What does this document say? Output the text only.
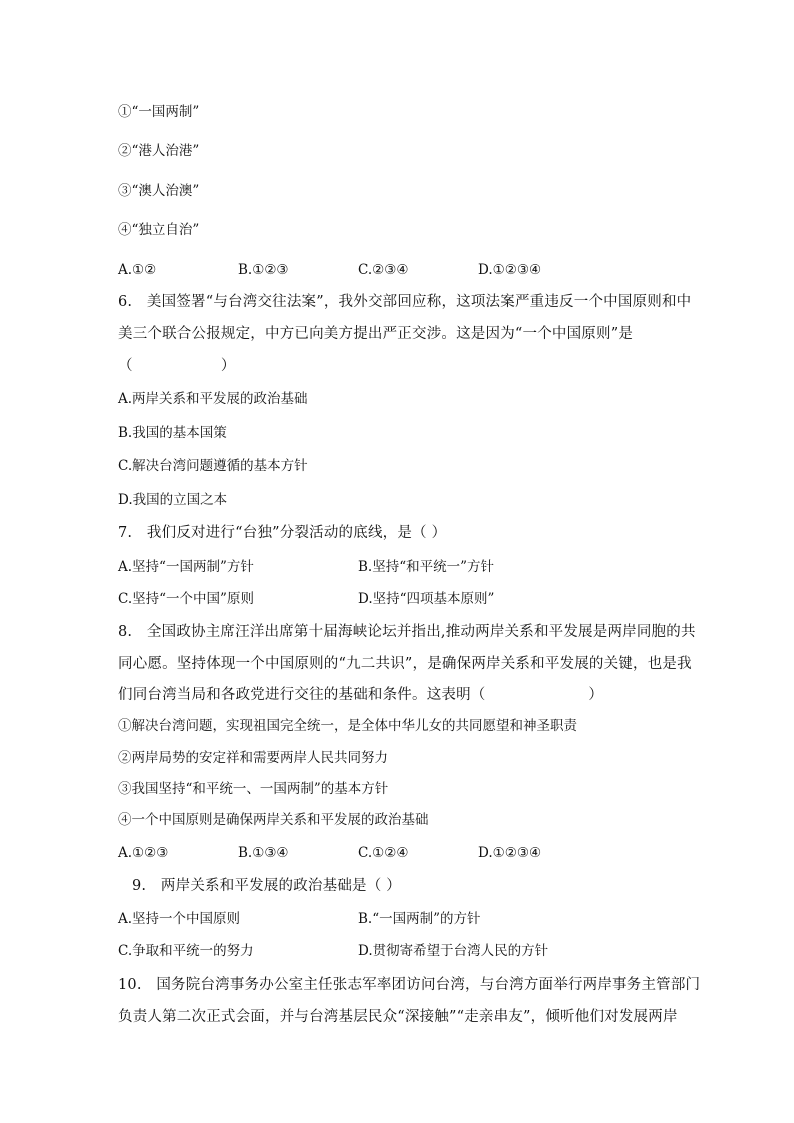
①“一国两制”
②“港人治港”
③“澳人治澳”
④“独立自治”
A.①②	B.①②③	C.②③④	D.①②③④
6.　美国签署“与台湾交往法案”，我外交部回应称，这项法案严重违反一个中国原则和中
美三个联合公报规定，中方已向美方提出严正交涉。这是因为“一个中国原则”是
（　　　　　　）
A.两岸关系和平发展的政治基础
B.我国的基本国策
C.解决台湾问题遵循的基本方针
D.我国的立国之本
7.　我们反对进行“台独”分裂活动的底线，是（ ）
A.坚持“一国两制”方针	B.坚持“和平统一”方针
C.坚持“一个中国”原则	D.坚持“四项基本原则”
8.　全国政协主席汪洋出席第十届海峡论坛并指出,推动两岸关系和平发展是两岸同胞的共
同心愿。坚持体现一个中国原则的“九二共识”，是确保两岸关系和平发展的关键，也是我
们同台湾当局和各政党进行交往的基础和条件。这表明（　　　　　　　）
①解决台湾问题，实现祖国完全统一，是全体中华儿女的共同愿望和神圣职责
②两岸局势的安定祥和需要两岸人民共同努力
③我国坚持“和平统一、一国两制”的基本方针
④一个中国原则是确保两岸关系和平发展的政治基础
A.①②③	B.①③④	C.①②④	D.①②③④
9.　两岸关系和平发展的政治基础是（ ）
A.坚持一个中国原则	B.“一国两制”的方针
C.争取和平统一的努力	D.贯彻寄希望于台湾人民的方针
10.　国务院台湾事务办公室主任张志军率团访问台湾，与台湾方面举行两岸事务主管部门
负责人第二次正式会面，并与台湾基层民众“深接触”“走亲串友”，倾听他们对发展两岸
